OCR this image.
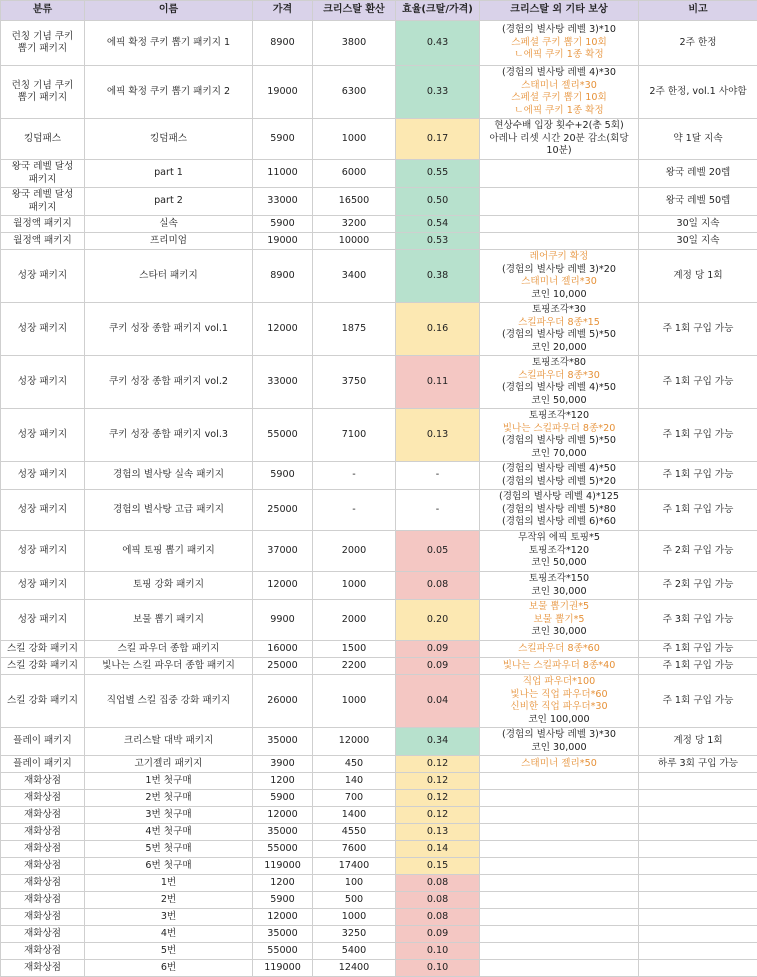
분류	이름	가격	크리스탈 환산	효율(크탈/가격)	크리스탈 외 기타 보상	비고
런칭 기념 쿠키 뽑기 패키지	에픽 확정 쿠키 뽑기 패키지 1	8900	3800	0.43	(경험의 별사탕 레벨 3)*10
스페셜 쿠키 뽑기 10회
ㄴ에픽 쿠키 1종 확정	2주 한정
런칭 기념 쿠키 뽑기 패키지	에픽 확정 쿠키 뽑기 패키지 2	19000	6300	0.33	(경험의 별사탕 레벨 4)*30
스태미너 젤리*30
스페셜 쿠키 뽑기 10회
ㄴ에픽 쿠키 1종 확정	2주 한정, vol.1 사야함
킹덤패스	킹덤패스	5900	1000	0.17	현상수배 입장 횟수+2(총 5회)
아레나 리셋 시간 20분 감소(회당 10분)	약 1달 지속
왕국 레벨 달성 패키지	part 1	11000	6000	0.55		왕국 레벨 20렙
왕국 레벨 달성 패키지	part 2	33000	16500	0.50		왕국 레벨 50렙
월정액 패키지	실속	5900	3200	0.54		30일 지속
월정액 패키지	프리미엄	19000	10000	0.53		30일 지속
성장 패키지	스타터 패키지	8900	3400	0.38	레어쿠키 확정
(경험의 별사탕 레벨 3)*20
스태미너 젤리*30
코인 10,000	계정 당 1회
성장 패키지	쿠키 성장 종합 패키지 vol.1	12000	1875	0.16	토핑조각*30
스킬파우더 8종*15
(경험의 별사탕 레벨 5)*50
코인 20,000	주 1회 구입 가능
성장 패키지	쿠키 성장 종합 패키지 vol.2	33000	3750	0.11	토핑조각*80
스킬파우더 8종*30
(경험의 별사탕 레벨 4)*50
코인 50,000	주 1회 구입 가능
성장 패키지	쿠키 성장 종합 패키지 vol.3	55000	7100	0.13	토핑조각*120
빛나는 스킬파우더 8종*20
(경험의 별사탕 레벨 5)*50
코인 70,000	주 1회 구입 가능
성장 패키지	경험의 별사탕 실속 패키지	5900	-	-	(경험의 별사탕 레벨 4)*50
(경험의 별사탕 레벨 5)*20	주 1회 구입 가능
성장 패키지	경험의 별사탕 고급 패키지	25000	-	-	(경험의 별사탕 레벨 4)*125
(경험의 별사탕 레벨 5)*80
(경험의 별사탕 레벨 6)*60	주 1회 구입 가능
성장 패키지	에픽 토핑 뽑기 패키지	37000	2000	0.05	무작위 에픽 토핑*5
토핑조각*120
코인 50,000	주 2회 구입 가능
성장 패키지	토핑 강화 패키지	12000	1000	0.08	토핑조각*150
코인 30,000	주 2회 구입 가능
성장 패키지	보물 뽑기 패키지	9900	2000	0.20	보물 뽑기권*5
보물 뽑기*5
코인 30,000	주 3회 구입 가능
스킬 강화 패키지	스킬 파우더 종합 패키지	16000	1500	0.09	스킬파우더 8종*60	주 1회 구입 가능
스킬 강화 패키지	빛나는 스킬 파우더 종합 패키지	25000	2200	0.09	빛나는 스킬파우더 8종*40	주 1회 구입 가능
스킬 강화 패키지	직업별 스킬 집중 강화 패키지	26000	1000	0.04	직업 파우더*100
빛나는 직업 파우더*60
신비한 직업 파우더*30
코인 100,000	주 1회 구입 가능
플레이 패키지	크리스탈 대박 패키지	35000	12000	0.34	(경험의 별사탕 레벨 3)*30
코인 30,000	계정 당 1회
플레이 패키지	고기젤리 패키지	3900	450	0.12	스태미너 젤리*50	하루 3회 구입 가능
재화상점	1번 첫구매	1200	140	0.12		
재화상점	2번 첫구매	5900	700	0.12		
재화상점	3번 첫구매	12000	1400	0.12		
재화상점	4번 첫구매	35000	4550	0.13		
재화상점	5번 첫구매	55000	7600	0.14		
재화상점	6번 첫구매	119000	17400	0.15		
재화상점	1번	1200	100	0.08		
재화상점	2번	5900	500	0.08		
재화상점	3번	12000	1000	0.08		
재화상점	4번	35000	3250	0.09		
재화상점	5번	55000	5400	0.10		
재화상점	6번	119000	12400	0.10		
